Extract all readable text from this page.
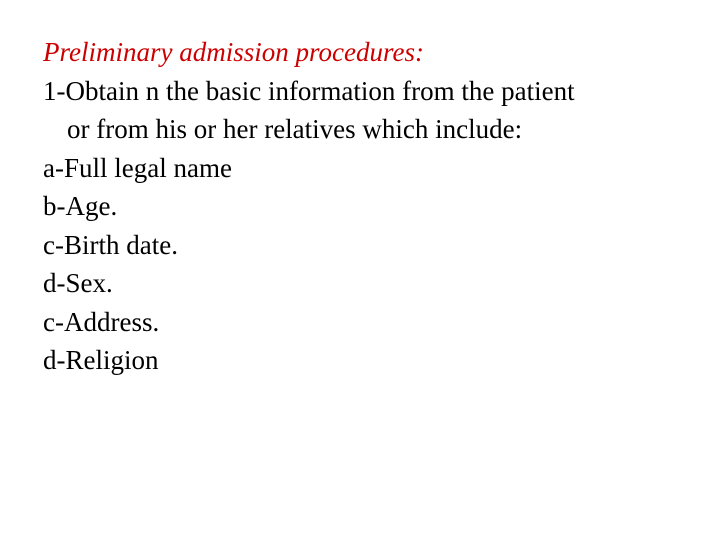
Preliminary admission procedures:
1-Obtain n the basic information from the patient
or from his or her relatives which include:
a-Full legal name
b-Age.
c-Birth date.
d-Sex.
c-Address.
d-Religion
